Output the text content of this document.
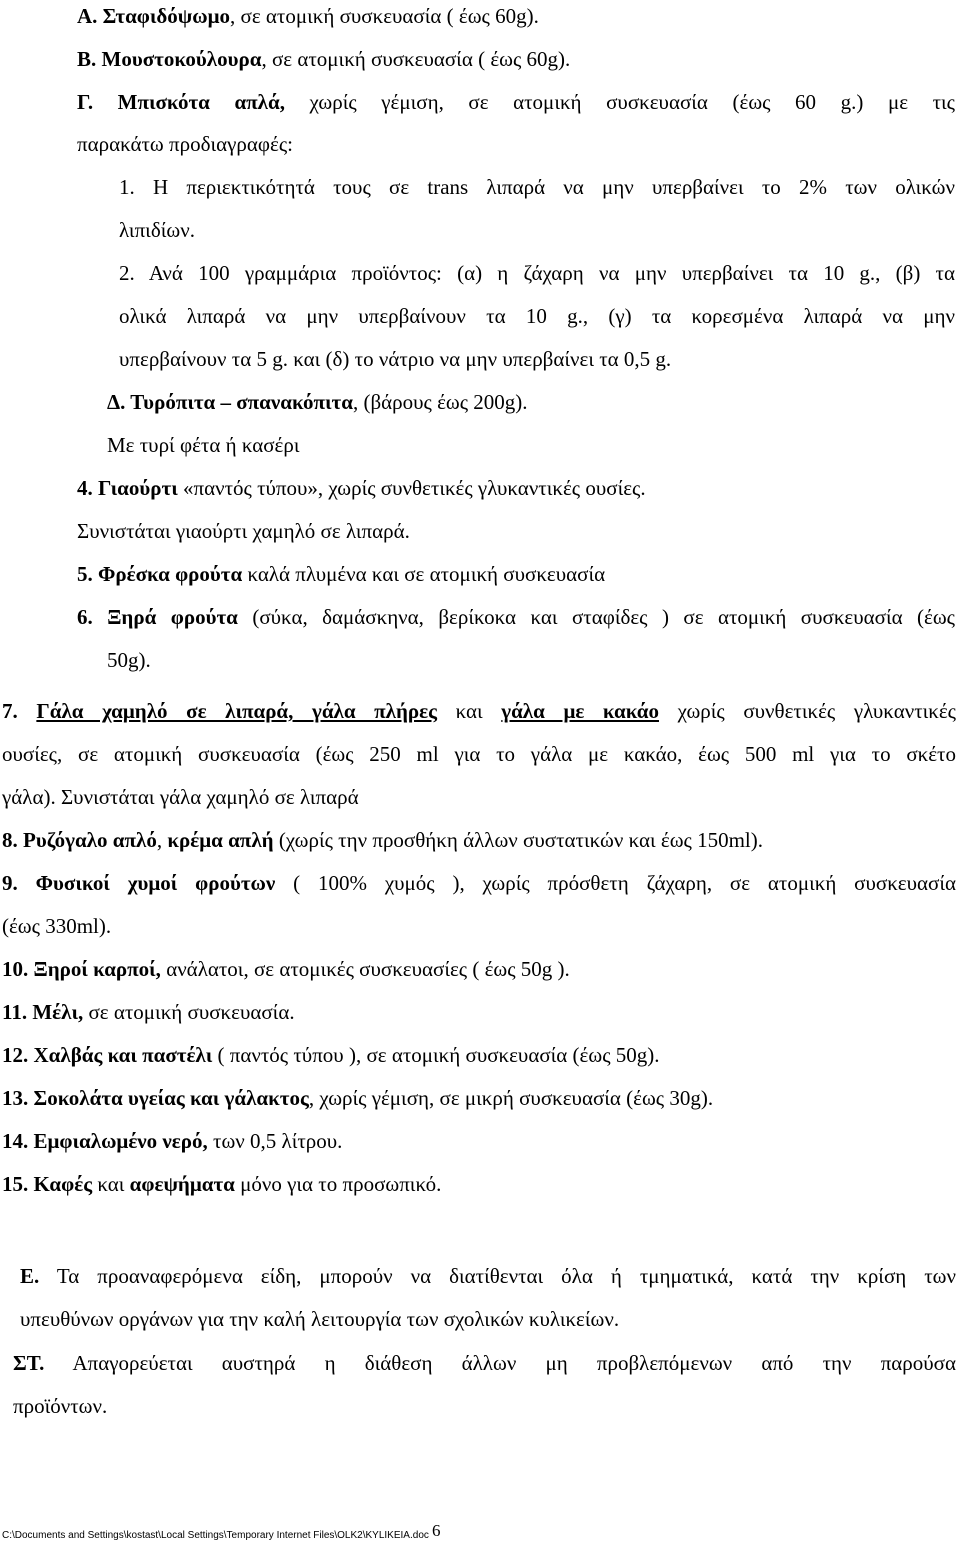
Α. Σταφιδόψωμο, σε ατομική συσκευασία ( έως 60g).
Β. Μουστοκούλουρα, σε ατομική συσκευασία ( έως 60g).
Γ. Μπισκότα απλά, χωρίς γέμιση, σε ατομική συσκευασία (έως 60 g.) με τις
παρακάτω προδιαγραφές:
1. Η περιεκτικότητά τους σε trans λιπαρά να μην υπερβαίνει το 2% των ολικών
λιπιδίων.
2. Ανά 100 γραμμάρια προϊόντος: (α) η ζάχαρη να μην υπερβαίνει τα 10 g., (β) τα
ολικά λιπαρά να μην υπερβαίνουν τα 10 g., (γ) τα κορεσμένα λιπαρά να μην
υπερβαίνουν τα 5 g. και (δ) το νάτριο να μην υπερβαίνει τα 0,5 g.
Δ. Τυρόπιτα – σπανακόπιτα, (βάρους έως 200g).
Με τυρί φέτα ή κασέρι
4. Γιαούρτι «παντός τύπου», χωρίς συνθετικές γλυκαντικές ουσίες.
Συνιστάται γιαούρτι χαμηλό σε λιπαρά.
5. Φρέσκα φρούτα καλά πλυμένα και σε ατομική συσκευασία
6. Ξηρά φρούτα (σύκα, δαμάσκηνα, βερίκοκα και σταφίδες ) σε ατομική συσκευασία (έως
50g).
7. Γάλα χαμηλό σε λιπαρά, γάλα πλήρες και γάλα με κακάο χωρίς συνθετικές γλυκαντικές
ουσίες, σε ατομική συσκευασία (έως 250 ml για το γάλα με κακάο, έως 500 ml για το σκέτο
γάλα). Συνιστάται γάλα χαμηλό σε λιπαρά
8. Ρυζόγαλο απλό, κρέμα απλή (χωρίς την προσθήκη άλλων συστατικών και έως 150ml).
9. Φυσικοί χυμοί φρούτων ( 100% χυμός ), χωρίς πρόσθετη ζάχαρη, σε ατομική συσκευασία
(έως 330ml).
10. Ξηροί καρποί, ανάλατοι, σε ατομικές συσκευασίες ( έως 50g ).
11. Μέλι, σε ατομική συσκευασία.
12. Χαλβάς και παστέλι ( παντός τύπου ), σε ατομική συσκευασία (έως 50g).
13. Σοκολάτα υγείας και γάλακτος, χωρίς γέμιση, σε μικρή συσκευασία (έως 30g).
14. Εμφιαλωμένο νερό, των 0,5 λίτρου.
15. Καφές και αφεψήματα μόνο για το προσωπικό.
Ε. Τα προαναφερόμενα είδη, μπορούν να διατίθενται όλα ή τμηματικά, κατά την κρίση των
υπευθύνων οργάνων για την καλή λειτουργία των σχολικών κυλικείων.
ΣΤ. Απαγορεύεται αυστηρά η διάθεση άλλων μη προβλεπόμενων από την παρούσα
προϊόντων.
C:\Documents and Settings\kostast\Local Settings\Temporary Internet Files\OLK2\KYLIKEIA.doc 6
